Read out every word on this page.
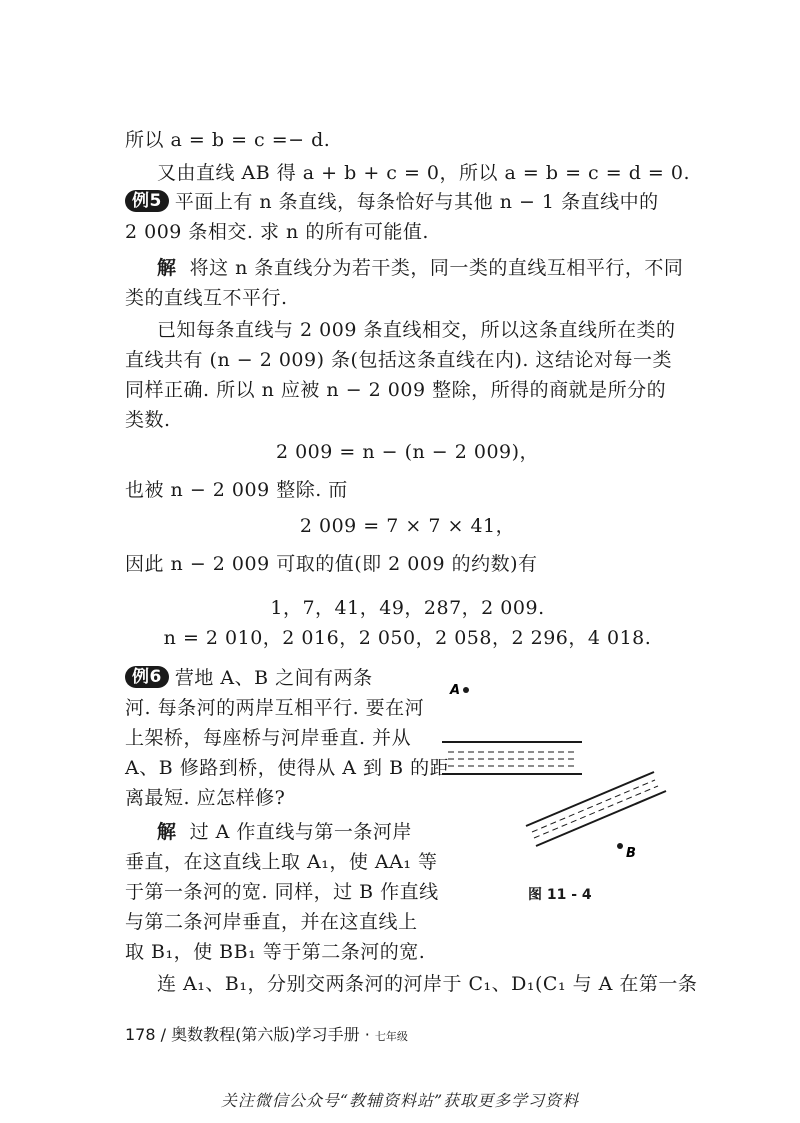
所以 a = b = c =− d.
又由直线 AB 得 a + b + c = 0，所以 a = b = c = d = 0.
例5 平面上有 n 条直线，每条恰好与其他 n − 1 条直线中的
2 009 条相交. 求 n 的所有可能值.
解 将这 n 条直线分为若干类，同一类的直线互相平行，不同
类的直线互不平行.
已知每条直线与 2 009 条直线相交，所以这条直线所在类的
直线共有 (n − 2 009) 条(包括这条直线在内). 这结论对每一类
同样正确. 所以 n 应被 n − 2 009 整除，所得的商就是所分的
类数.
2 009 = n − (n − 2 009)，
也被 n − 2 009 整除. 而
2 009 = 7 × 7 × 41，
因此 n − 2 009 可取的值(即 2 009 的约数)有
1，7，41，49，287，2 009.
n = 2 010，2 016，2 050，2 058，2 296，4 018.
例6 营地 A、B 之间有两条
河. 每条河的两岸互相平行. 要在河
上架桥，每座桥与河岸垂直. 并从
A、B 修路到桥，使得从 A 到 B 的距
离最短. 应怎样修?
解 过 A 作直线与第一条河岸
垂直，在这直线上取 A₁，使 AA₁ 等
于第一条河的宽. 同样，过 B 作直线
与第二条河岸垂直，并在这直线上
取 B₁，使 BB₁ 等于第二条河的宽.
连 A₁、B₁，分别交两条河的河岸于 C₁、D₁(C₁ 与 A 在第一条
A
B
图 11 - 4
178 / 奥数教程(第六版)学习手册 · 七年级
关注微信公众号“教辅资料站”获取更多学习资料
